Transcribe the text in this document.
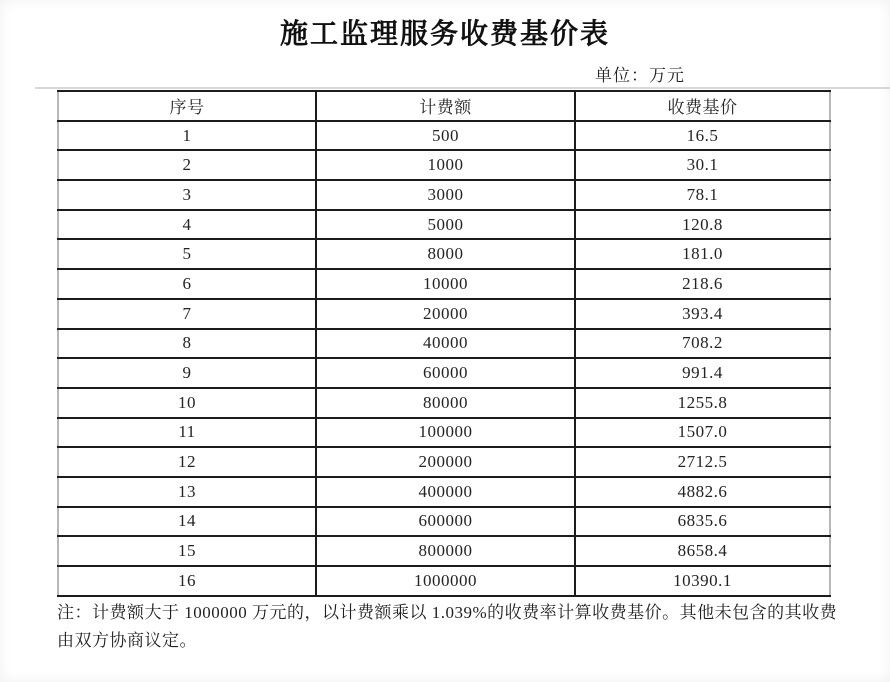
施工监理服务收费基价表
单位：万元
序号	计费额	收费基价
1	500	16.5
2	1000	30.1
3	3000	78.1
4	5000	120.8
5	8000	181.0
6	10000	218.6
7	20000	393.4
8	40000	708.2
9	60000	991.4
10	80000	1255.8
11	100000	1507.0
12	200000	2712.5
13	400000	4882.6
14	600000	6835.6
15	800000	8658.4
16	1000000	10390.1

注：计费额大于 1000000 万元的，以计费额乘以 1.039%的收费率计算收费基价。其他未包含的其收费由双方协商议定。
